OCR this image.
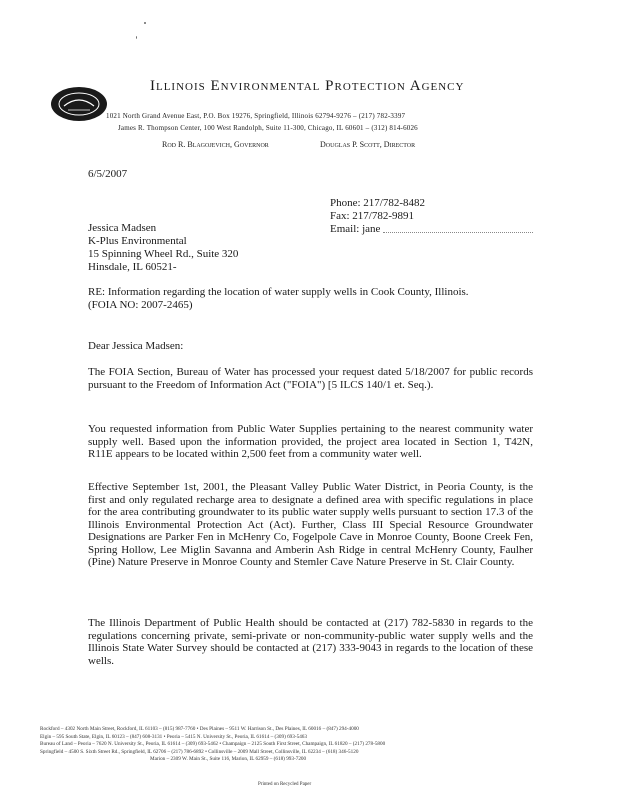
Illinois Environmental Protection Agency
1021 North Grand Avenue East, P.O. Box 19276, Springfield, Illinois 62794-9276 – (217) 782-3397
James R. Thompson Center, 100 West Randolph, Suite 11-300, Chicago, IL 60601 – (312) 814-6026
Rod R. Blagojevich, Governor	Douglas P. Scott, Director
6/5/2007
Phone: 217/782-8482
Fax: 217/782-9891
Email: jane
Jessica Madsen
K-Plus Environmental
15 Spinning Wheel Rd., Suite 320
Hinsdale, IL 60521-
RE: Information regarding the location of water supply wells in Cook County, Illinois.
(FOIA NO: 2007-2465)
Dear Jessica Madsen:
The FOIA Section, Bureau of Water has processed your request dated 5/18/2007 for public records pursuant to the Freedom of Information Act ("FOIA") [5 ILCS 140/1 et. Seq.).
You requested information from Public Water Supplies pertaining to the nearest community water supply well. Based upon the information provided, the project area located in Section 1, T42N, R11E appears to be located within 2,500 feet from a community water well.
Effective September 1st, 2001, the Pleasant Valley Public Water District, in Peoria County, is the first and only regulated recharge area to designate a defined area with specific regulations in place for the area contributing groundwater to its public water supply wells pursuant to section 17.3 of the Illinois Environmental Protection Act (Act). Further, Class III Special Resource Groundwater Designations are Parker Fen in McHenry Co, Fogelpole Cave in Monroe County, Boone Creek Fen, Spring Hollow, Lee Miglin Savanna and Amberin Ash Ridge in central McHenry County, Faulher (Pine) Nature Preserve in Monroe County and Stemler Cave Nature Preserve in St. Clair County.
The Illinois Department of Public Health should be contacted at (217) 782-5830 in regards to the regulations concerning private, semi-private or non-community-public water supply wells and the Illinois State Water Survey should be contacted at (217) 333-9043 in regards to the location of these wells.
Rockford – 4302 North Main Street, Rockford, IL 61103 – (815) 987-7760 • Des Plaines – 9511 W. Harrison St., Des Plaines, IL 60016 – (847) 294-4000
Elgin – 595 South State, Elgin, IL 60123 – (847) 608-3131 • Peoria – 5415 N. University St., Peoria, IL 61614 – (309) 693-5463
Bureau of Land – Peoria – 7620 N. University St., Peoria, IL 61614 – (309) 693-5462 • Champaign – 2125 South First Street, Champaign, IL 61820 – (217) 278-5800
Springfield – 4500 S. Sixth Street Rd., Springfield, IL 62706 – (217) 786-6892 • Collinsville – 2009 Mall Street, Collinsville, IL 62234 – (618) 346-5120
Marion – 2309 W. Main St., Suite 116, Marion, IL 62959 – (618) 993-7200
Printed on Recycled Paper
